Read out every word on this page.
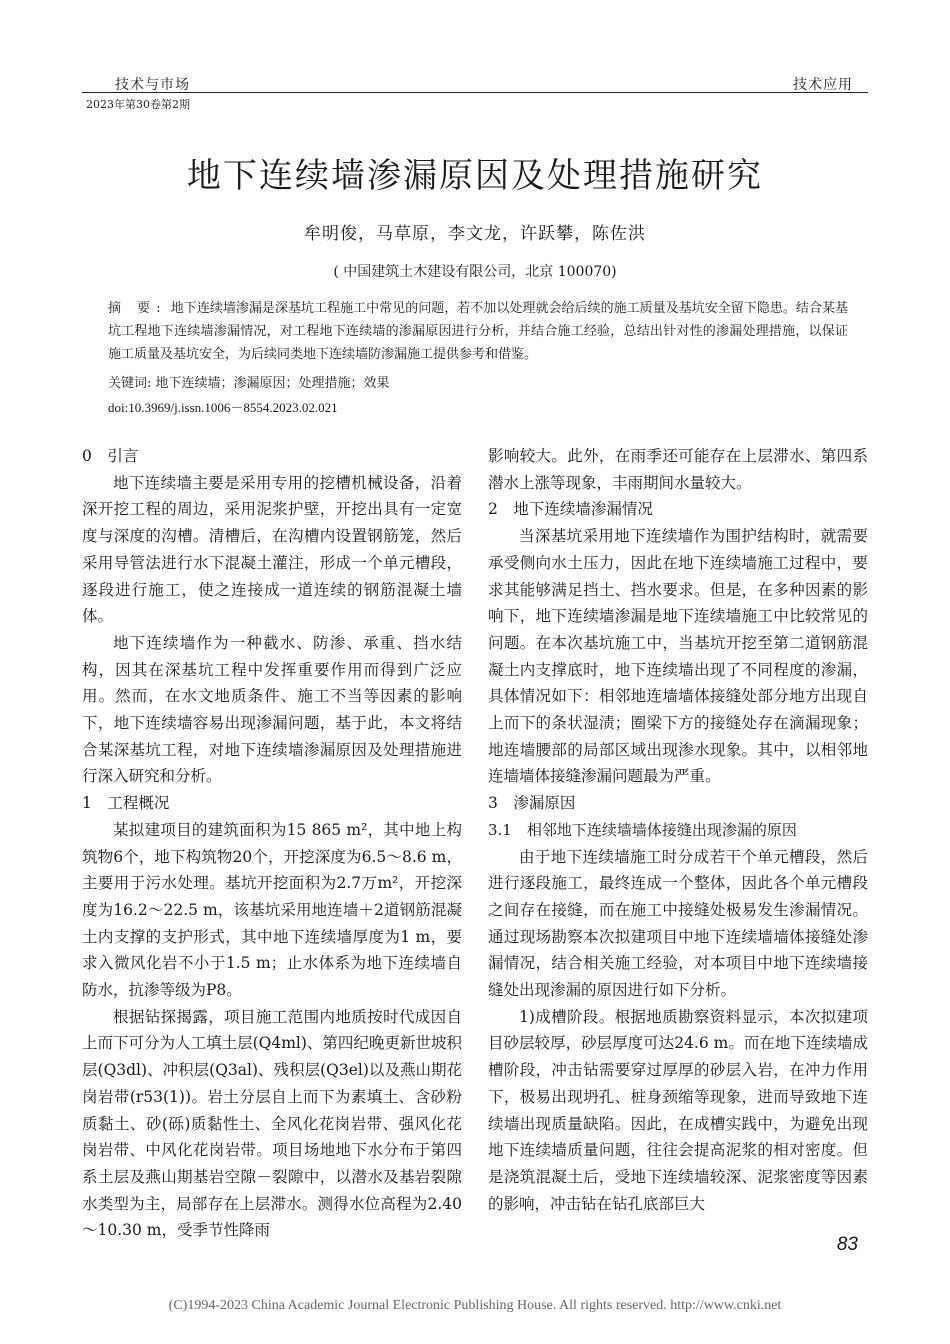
技术与市场	技术应用
2023年第30卷第2期
地下连续墙渗漏原因及处理措施研究
牟明俊，马草原，李文龙，许跃攀，陈佐洪
( 中国建筑土木建设有限公司，北京 100070)
摘 要: 地下连续墙渗漏是深基坑工程施工中常见的问题，若不加以处理就会给后续的施工质量及基坑安全留下隐患。结合某基坑工程地下连续墙渗漏情况，对工程地下连续墙的渗漏原因进行分析，并结合施工经验，总结出针对性的渗漏处理措施，以保证施工质量及基坑安全，为后续同类地下连续墙防渗漏施工提供参考和借鉴。
关键词: 地下连续墙；渗漏原因；处理措施；效果
doi:10.3969/j.issn.1006－8554.2023.02.021
0　引言

地下连续墙主要是采用专用的挖槽机械设备，沿着深开挖工程的周边，采用泥浆护壁，开挖出具有一定宽度与深度的沟槽。清槽后，在沟槽内设置钢筋笼，然后采用导管法进行水下混凝土灌注，形成一个单元槽段，逐段进行施工，使之连接成一道连续的钢筋混凝土墙体。

地下连续墙作为一种截水、防渗、承重、挡水结构，因其在深基坑工程中发挥重要作用而得到广泛应用。然而，在水文地质条件、施工不当等因素的影响下，地下连续墙容易出现渗漏问题，基于此，本文将结合某深基坑工程，对地下连续墙渗漏原因及处理措施进行深入研究和分析。

1　工程概况

某拟建项目的建筑面积为15 865 m²，其中地上构筑物6个，地下构筑物20个，开挖深度为6.5～8.6 m，主要用于污水处理。基坑开挖面积为2.7万m²，开挖深度为16.2～22.5 m，该基坑采用地连墙＋2道钢筋混凝土内支撑的支护形式，其中地下连续墙厚度为1 m，要求入微风化岩不小于1.5 m；止水体系为地下连续墙自防水，抗渗等级为P8。

根据钻探揭露，项目施工范围内地质按时代成因自上而下可分为人工填土层(Q4ml)、第四纪晚更新世坡积层(Q3dl)、冲积层(Q3al)、残积层(Q3el)以及燕山期花岗岩带(r53(1))。岩土分层自上而下为素填土、含砂粉质黏土、砂(砾)质黏性土、全风化花岗岩带、强风化花岗岩带、中风化花岗岩带。项目场地地下水分布于第四系土层及燕山期基岩空隙－裂隙中，以潜水及基岩裂隙水类型为主，局部存在上层滞水。测得水位高程为2.40～10.30 m，受季节性降雨

影响较大。此外，在雨季还可能存在上层滞水、第四系潜水上涨等现象，丰雨期间水量较大。

2　地下连续墙渗漏情况

当深基坑采用地下连续墙作为围护结构时，就需要承受侧向水土压力，因此在地下连续墙施工过程中，要求其能够满足挡土、挡水要求。但是，在多种因素的影响下，地下连续墙渗漏是地下连续墙施工中比较常见的问题。在本次基坑施工中，当基坑开挖至第二道钢筋混凝土内支撑底时，地下连续墙出现了不同程度的渗漏，具体情况如下：相邻地连墙墙体接缝处部分地方出现自上而下的条状湿渍；圈梁下方的接缝处存在滴漏现象；地连墙腰部的局部区域出现渗水现象。其中，以相邻地连墙墙体接缝渗漏问题最为严重。

3　渗漏原因
3.1　相邻地下连续墙墙体接缝出现渗漏的原因

由于地下连续墙施工时分成若干个单元槽段，然后进行逐段施工，最终连成一个整体，因此各个单元槽段之间存在接缝，而在施工中接缝处极易发生渗漏情况。通过现场勘察本次拟建项目中地下连续墙墙体接缝处渗漏情况，结合相关施工经验，对本项目中地下连续墙接缝处出现渗漏的原因进行如下分析。

1)成槽阶段。根据地质勘察资料显示，本次拟建项目砂层较厚，砂层厚度可达24.6 m。而在地下连续墙成槽阶段，冲击钻需要穿过厚厚的砂层入岩，在冲力作用下，极易出现坍孔、桩身颈缩等现象，进而导致地下连续墙出现质量缺陷。因此，在成槽实践中，为避免出现地下连续墙质量问题，往往会提高泥浆的相对密度。但是浇筑混凝土后，受地下连续墙较深、泥浆密度等因素的影响，冲击钻在钻孔底部巨大

83
(C)1994-2023 China Academic Journal Electronic Publishing House. All rights reserved. http://www.cnki.net
